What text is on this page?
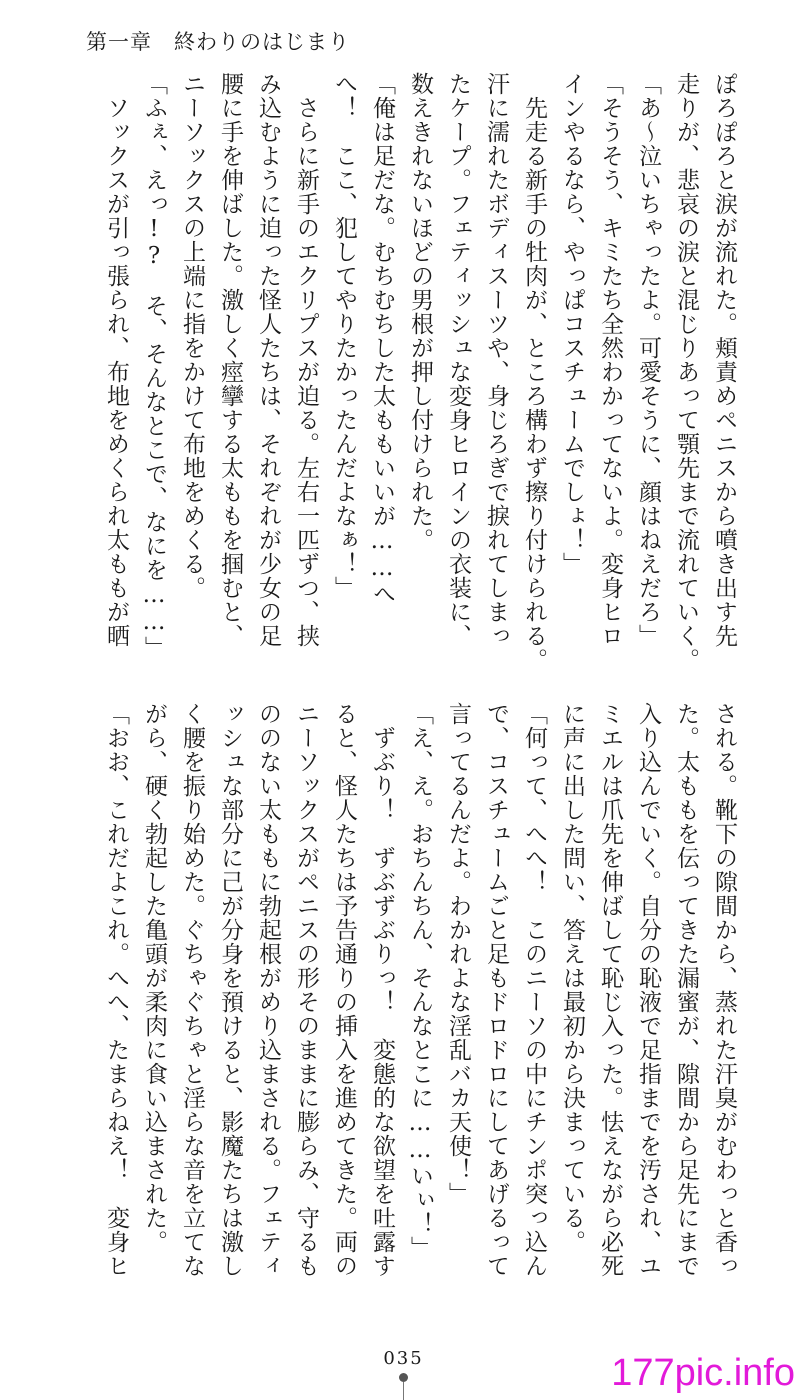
第一章　終わりのはじまり
ぽろぽろと涙が流れた。頬責めペニスから噴き出す先
走りが、悲哀の涙と混じりあって顎先まで流れていく。
「あ～泣いちゃったよ。可愛そうに、顔はねえだろ」
「そうそう、キミたち全然わかってないよ。変身ヒロ
インやるなら、やっぱコスチュームでしょ！」
　先走る新手の牡肉が、ところ構わず擦り付けられる。
汗に濡れたボディスーツや、身じろぎで捩れてしまっ
たケープ。フェティッシュな変身ヒロインの衣装に、
数えきれないほどの男根が押し付けられた。
「俺は足だな。むちむちした太ももいいが……へ
へ！　ここ、犯してやりたかったんだよなぁ！」
　さらに新手のエクリプスが迫る。左右一匹ずつ、挟
み込むように迫った怪人たちは、それぞれが少女の足
腰に手を伸ばした。激しく痙攣する太ももを掴むと、
ニーソックスの上端に指をかけて布地をめくる。
「ふぇ、えっ!?　そ、そんなとこで、なにを……」
　ソックスが引っ張られ、布地をめくられ太ももが晒
される。靴下の隙間から、蒸れた汗臭がむわっと香っ
た。太ももを伝ってきた漏蜜が、隙間から足先にまで
入り込んでいく。自分の恥液で足指までを汚され、ユ
ミエルは爪先を伸ばして恥じ入った。怯えながら必死
に声に出した問い、答えは最初から決まっている。
「何って、へへ！　このニーソの中にチンポ突っ込ん
で、コスチュームごと足もドロドロにしてあげるって
言ってるんだよ。わかれよな淫乱バカ天使！」
「え、え。おちんちん、そんなとこに……いぃ！」
　ずぶり！　ずぶずぶりっ！　変態的な欲望を吐露す
ると、怪人たちは予告通りの挿入を進めてきた。両の
ニーソックスがペニスの形そのままに膨らみ、守るも
ののない太ももに勃起根がめり込まされる。フェティ
ッシュな部分に己が分身を預けると、影魔たちは激し
く腰を振り始めた。ぐちゃぐちゃと淫らな音を立てな
がら、硬く勃起した亀頭が柔肉に食い込まされた。
「おお、これだよこれ。へへ、たまらねえ！　変身ヒ
035	177pic.info
